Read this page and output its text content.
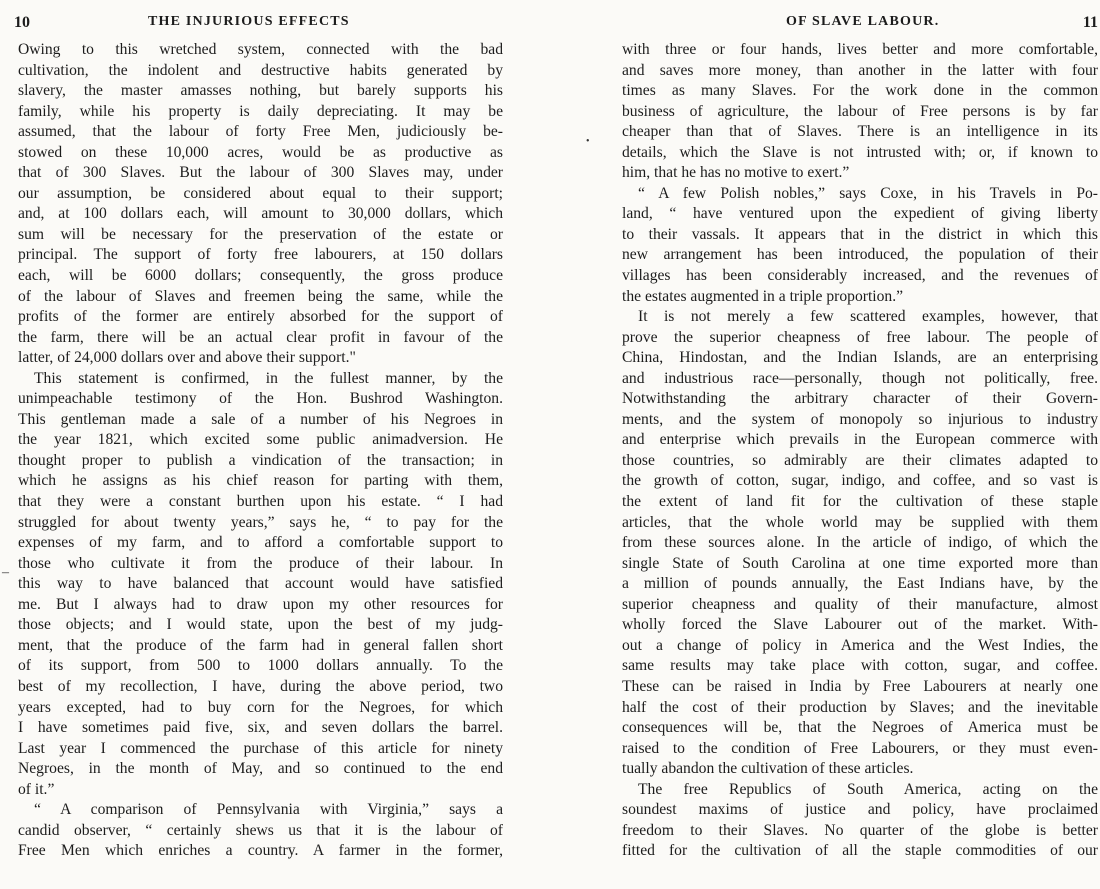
10	THE INJURIOUS EFFECTS
Owing to this wretched system, connected with the bad
cultivation, the indolent and destructive habits generated by
slavery, the master amasses nothing, but barely supports his
family, while his property is daily depreciating. It may be
assumed, that the labour of forty Free Men, judiciously be-
stowed on these 10,000 acres, would be as productive as
that of 300 Slaves. But the labour of 300 Slaves may, under
our assumption, be considered about equal to their support;
and, at 100 dollars each, will amount to 30,000 dollars, which
sum will be necessary for the preservation of the estate or
principal. The support of forty free labourers, at 150 dollars
each, will be 6000 dollars; consequently, the gross produce
of the labour of Slaves and freemen being the same, while the
profits of the former are entirely absorbed for the support of
the farm, there will be an actual clear profit in favour of the
latter, of 24,000 dollars over and above their support."
This statement is confirmed, in the fullest manner, by the
unimpeachable testimony of the Hon. Bushrod Washington.
This gentleman made a sale of a number of his Negroes in
the year 1821, which excited some public animadversion. He
thought proper to publish a vindication of the transaction; in
which he assigns as his chief reason for parting with them,
that they were a constant burthen upon his estate. “ I had
struggled for about twenty years,” says he, “ to pay for the
expenses of my farm, and to afford a comfortable support to
those who cultivate it from the produce of their labour. In
this way to have balanced that account would have satisfied
me. But I always had to draw upon my other resources for
those objects; and I would state, upon the best of my judg-
ment, that the produce of the farm had in general fallen short
of its support, from 500 to 1000 dollars annually. To the
best of my recollection, I have, during the above period, two
years excepted, had to buy corn for the Negroes, for which
I have sometimes paid five, six, and seven dollars the barrel.
Last year I commenced the purchase of this article for ninety
Negroes, in the month of May, and so continued to the end
of it.”
“ A comparison of Pennsylvania with Virginia,” says a
candid observer, “ certainly shews us that it is the labour of
Free Men which enriches a country. A farmer in the former,
OF SLAVE LABOUR.	11
with three or four hands, lives better and more comfortable,
and saves more money, than another in the latter with four
times as many Slaves. For the work done in the common
business of agriculture, the labour of Free persons is by far
cheaper than that of Slaves. There is an intelligence in its
details, which the Slave is not intrusted with; or, if known to
him, that he has no motive to exert.”
“ A few Polish nobles,” says Coxe, in his Travels in Po-
land, “ have ventured upon the expedient of giving liberty
to their vassals. It appears that in the district in which this
new arrangement has been introduced, the population of their
villages has been considerably increased, and the revenues of
the estates augmented in a triple proportion.”
It is not merely a few scattered examples, however, that
prove the superior cheapness of free labour. The people of
China, Hindostan, and the Indian Islands, are an enterprising
and industrious race—personally, though not politically, free.
Notwithstanding the arbitrary character of their Govern-
ments, and the system of monopoly so injurious to industry
and enterprise which prevails in the European commerce with
those countries, so admirably are their climates adapted to
the growth of cotton, sugar, indigo, and coffee, and so vast is
the extent of land fit for the cultivation of these staple
articles, that the whole world may be supplied with them
from these sources alone. In the article of indigo, of which the
single State of South Carolina at one time exported more than
a million of pounds annually, the East Indians have, by the
superior cheapness and quality of their manufacture, almost
wholly forced the Slave Labourer out of the market. With-
out a change of policy in America and the West Indies, the
same results may take place with cotton, sugar, and coffee.
These can be raised in India by Free Labourers at nearly one
half the cost of their production by Slaves; and the inevitable
consequences will be, that the Negroes of America must be
raised to the condition of Free Labourers, or they must even-
tually abandon the cultivation of these articles.
The free Republics of South America, acting on the
soundest maxims of justice and policy, have proclaimed
freedom to their Slaves. No quarter of the globe is better
fitted for the cultivation of all the staple commodities of our
–
•
